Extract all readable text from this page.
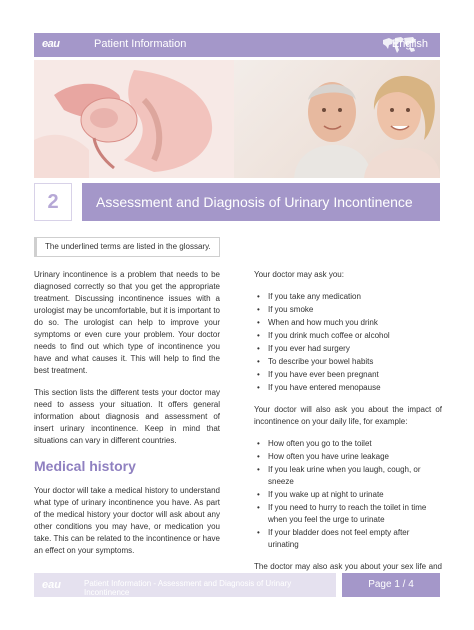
eau	Patient Information	English
2	Assessment and Diagnosis of Urinary Incontinence
The underlined terms are listed in the glossary.

Urinary incontinence is a problem that needs to be diagnosed correctly so that you get the appropriate treatment. Discussing incontinence issues with a urologist may be uncomfortable, but it is important to do so. The urologist can help to improve your symptoms or even cure your problem. Your doctor needs to find out which type of incontinence you have and what causes it. This will help to find the best treatment.

This section lists the different tests your doctor may need to assess your situation. It offers general information about diagnosis and assessment of insert urinary incontinence. Keep in mind that situations can vary in different countries.

Medical history

Your doctor will take a medical history to understand what type of urinary incontinence you have. As part of the medical history your doctor will ask about any other conditions you may have, or medication you take. This can be related to the incontinence or have an effect on your symptoms.

Your doctor may ask you:

• If you take any medication
• If you smoke
• When and how much you drink
• If you drink much coffee or alcohol
• If you ever had surgery
• To describe your bowel habits
• If you have ever been pregnant
• If you have entered menopause

Your doctor will also ask you about the impact of incontinence on your daily life, for example:

• How often you go to the toilet
• How often you have urine leakage
• If you leak urine when you laugh, cough, or sneeze
• If you wake up at night to urinate
• If you need to hurry to reach the toilet in time when you feel the urge to urinate
• If your bladder does not feel empty after urinating

The doctor may also ask you about your sex life and

eau	Patient Information - Assessment and Diagnosis of Urinary Incontinence
Page 1 / 4
